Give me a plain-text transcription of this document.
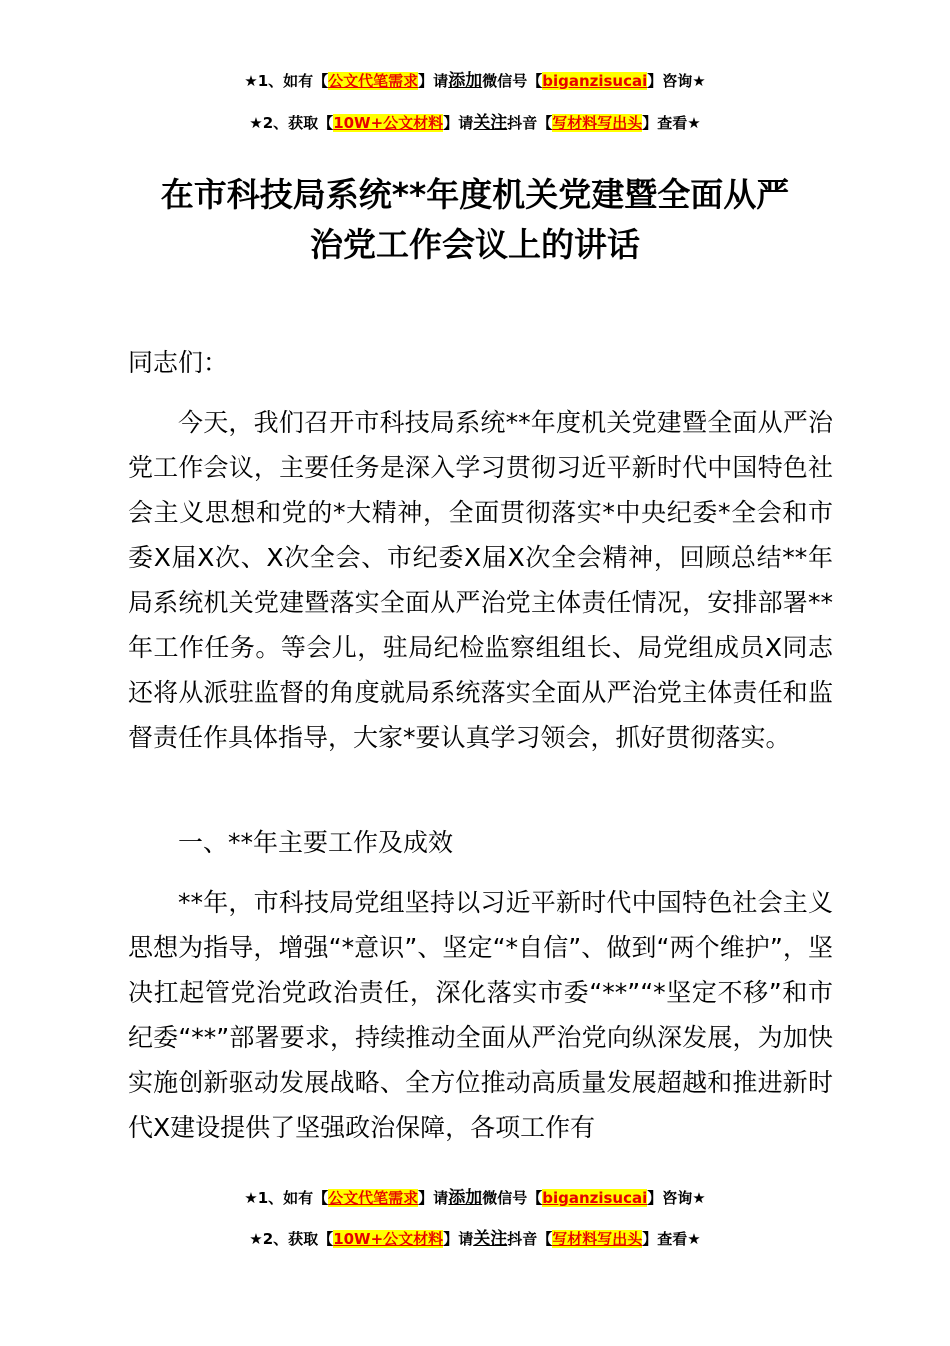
★1、如有【公文代笔需求】请添加微信号【biganzisucai】咨询★
★2、获取【10W+公文材料】请关注抖音【写材料写出头】查看★
在市科技局系统**年度机关党建暨全面从严
治党工作会议上的讲话
同志们：

今天，我们召开市科技局系统**年度机关党建暨全面从严治党工作会议，主要任务是深入学习贯彻习近平新时代中国特色社会主义思想和党的*大精神，全面贯彻落实*中央纪委*全会和市委X届X次、X次全会、市纪委X届X次全会精神，回顾总结**年局系统机关党建暨落实全面从严治党主体责任情况，安排部署**年工作任务。等会儿，驻局纪检监察组组长、局党组成员X同志还将从派驻监督的角度就局系统落实全面从严治党主体责任和监督责任作具体指导，大家*要认真学习领会，抓好贯彻落实。

一、**年主要工作及成效

**年，市科技局党组坚持以习近平新时代中国特色社会主义思想为指导，增强“*意识”、坚定“*自信”、做到“两个维护”，坚决扛起管党治党政治责任，深化落实市委“**”“*坚定不移”和市纪委“**”部署要求，持续推动全面从严治党向纵深发展，为加快实施创新驱动发展战略、全方位推动高质量发展超越和推进新时代X建设提供了坚强政治保障，各项工作有

★1、如有【公文代笔需求】请添加微信号【biganzisucai】咨询★
★2、获取【10W+公文材料】请关注抖音【写材料写出头】查看★
